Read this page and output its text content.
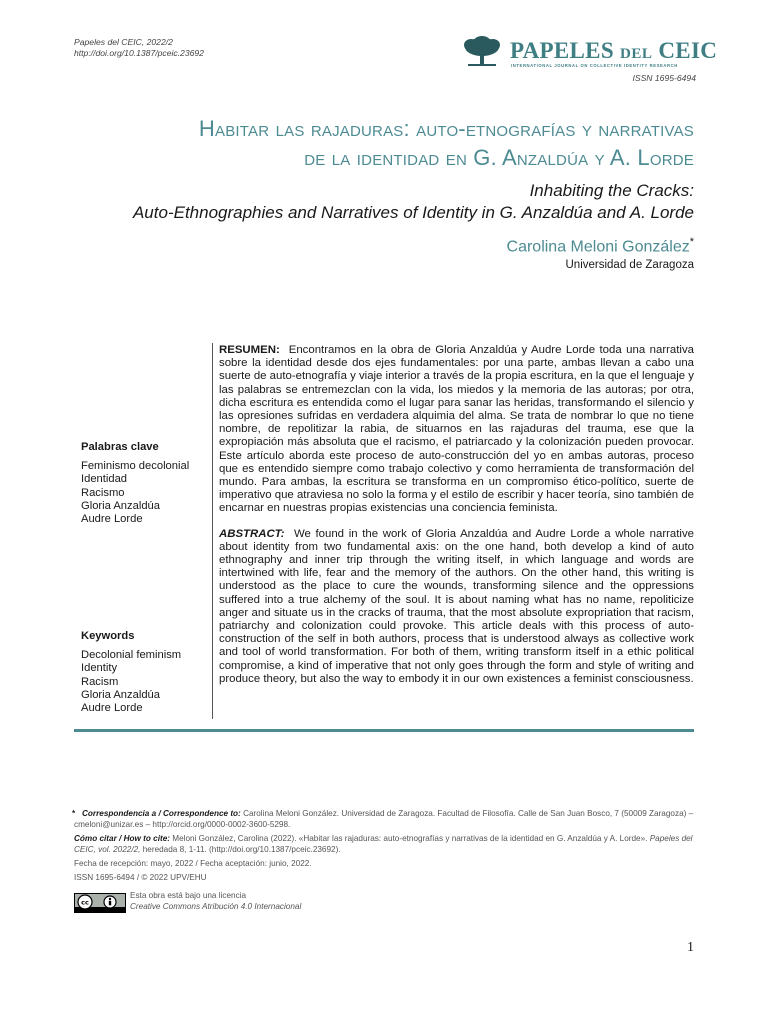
Papeles del CEIC, 2022/2
http://doi.org/10.1387/pceic.23692	PAPELES DEL CEIC
INTERNATIONAL JOURNAL ON COLLECTIVE IDENTITY RESEARCH
ISSN 1695-6494
Habitar las rajaduras: auto-etnografías y narrativas
de la identidad en G. Anzaldúa y A. Lorde
Inhabiting the Cracks:
Auto-Ethnographies and Narratives of Identity in G. Anzaldúa and A. Lorde
Carolina Meloni González*
Universidad de Zaragoza
Palabras clave
Feminismo decolonial
Identidad
Racismo
Gloria Anzaldúa
Audre Lorde
Keywords
Decolonial feminism
Identity
Racism
Gloria Anzaldúa
Audre Lorde

RESUMEN: Encontramos en la obra de Gloria Anzaldúa y Audre Lorde toda una narrativa sobre la identidad desde dos ejes fundamentales: por una parte, ambas llevan a cabo una suerte de auto-etnografía y viaje interior a través de la propia escritura, en la que el lenguaje y las palabras se entremezclan con la vida, los miedos y la memoria de las autoras; por otra, dicha escritura es entendida como el lugar para sanar las heridas, transformando el silencio y las opresiones sufridas en verdadera alquimia del alma. Se trata de nombrar lo que no tiene nombre, de repolitizar la rabia, de situarnos en las rajaduras del trauma, ese que la expropiación más absoluta que el racismo, el patriarcado y la colonización pueden provocar. Este artículo aborda este proceso de auto-construcción del yo en ambas autoras, proceso que es entendido siempre como trabajo colectivo y como herramienta de transformación del mundo. Para ambas, la escritura se transforma en un compromiso ético-político, suerte de imperativo que atraviesa no solo la forma y el estilo de escribir y hacer teoría, sino también de encarnar en nuestras propias existencias una conciencia feminista.

ABSTRACT: We found in the work of Gloria Anzaldúa and Audre Lorde a whole narrative about identity from two fundamental axis: on the one hand, both develop a kind of auto ethnography and inner trip through the writing itself, in which language and words are intertwined with life, fear and the memory of the authors. On the other hand, this writing is understood as the place to cure the wounds, transforming silence and the oppressions suffered into a true alchemy of the soul. It is about naming what has no name, repoliticize anger and situate us in the cracks of trauma, that the most absolute expropriation that racism, patriarchy and colonization could provoke. This article deals with this process of auto-construction of the self in both authors, process that is understood always as collective work and tool of world transformation. For both of them, writing transform itself in a ethic political compromise, a kind of imperative that not only goes through the form and style of writing and produce theory, but also the way to embody it in our own existences a feminist consciousness.

* Correspondencia a / Correspondence to: Carolina Meloni González. Universidad de Zaragoza. Facultad de Filosofía. Calle de San Juan Bosco, 7 (50009 Zaragoza) – cmeloni@unizar.es – http://orcid.org/0000-0002-3600-5298.

Cómo citar / How to cite: Meloni González, Carolina (2022). «Habitar las rajaduras: auto-etnografías y narrativas de la identidad en G. Anzaldúa y A. Lorde». Papeles del CEIC, vol. 2022/2, heredada 8, 1-11. (http://doi.org/10.1387/pceic.23692).

Fecha de recepción: mayo, 2022 / Fecha aceptación: junio, 2022.

ISSN 1695-6494 / © 2022 UPV/EHU

cc
Esta obra está bajo una licencia
Creative Commons Atribución 4.0 Internacional
1
